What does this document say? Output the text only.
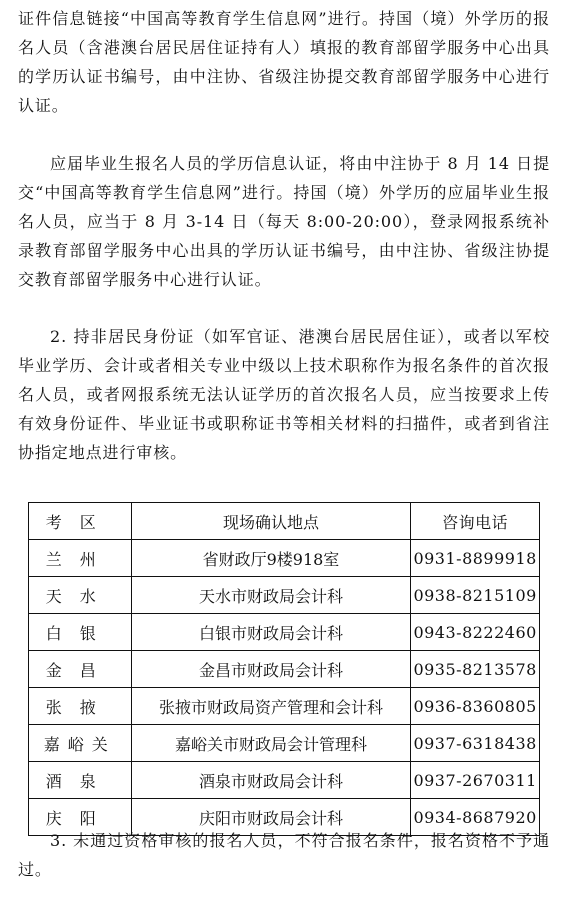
证件信息链接“中国高等教育学生信息网”进行。持国（境）外学历的报名人员（含港澳台居民居住证持有人）填报的教育部留学服务中心出具的学历认证书编号，由中注协、省级注协提交教育部留学服务中心进行认证。

应届毕业生报名人员的学历信息认证，将由中注协于 8 月 14 日提交“中国高等教育学生信息网”进行。持国（境）外学历的应届毕业生报名人员，应当于 8 月 3-14 日（每天 8:00-20:00），登录网报系统补录教育部留学服务中心出具的学历认证书编号，由中注协、省级注协提交教育部留学服务中心进行认证。

2. 持非居民身份证（如军官证、港澳台居民居住证），或者以军校毕业学历、会计或者相关专业中级以上技术职称作为报名条件的首次报名人员，或者网报系统无法认证学历的首次报名人员，应当按要求上传有效身份证件、毕业证书或职称证书等相关材料的扫描件，或者到省注协指定地点进行审核。

考区	现场确认地点	咨询电话
兰州	省财政厅9楼918室	0931-8899918
天水	天水市财政局会计科	0938-8215109
白银	白银市财政局会计科	0943-8222460
金昌	金昌市财政局会计科	0935-8213578
张掖	张掖市财政局资产管理和会计科	0936-8360805
嘉峪关	嘉峪关市财政局会计管理科	0937-6318438
酒泉	酒泉市财政局会计科	0937-2670311
庆阳	庆阳市财政局会计科	0934-8687920

3. 未通过资格审核的报名人员，不符合报名条件，报名资格不予通过。
